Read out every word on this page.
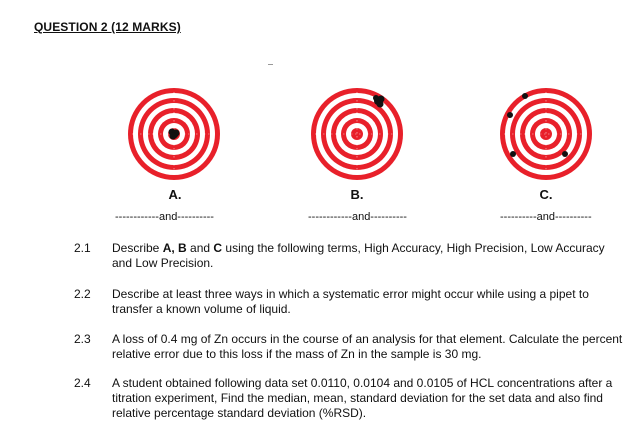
QUESTION 2 (12 MARKS)
A.
------------and----------
B.
------------and----------
C.
----------and----------
2.1 Describe A, B and C using the following terms, High Accuracy, High Precision, Low Accuracy and Low Precision.
2.2 Describe at least three ways in which a systematic error might occur while using a pipet to transfer a known volume of liquid.
2.3 A loss of 0.4 mg of Zn occurs in the course of an analysis for that element. Calculate the percent relative error due to this loss if the mass of Zn in the sample is 30 mg.
2.4 A student obtained following data set 0.0110, 0.0104 and 0.0105 of HCL concentrations after a titration experiment, Find the median, mean, standard deviation for the set data and also find relative percentage standard deviation (%RSD).
